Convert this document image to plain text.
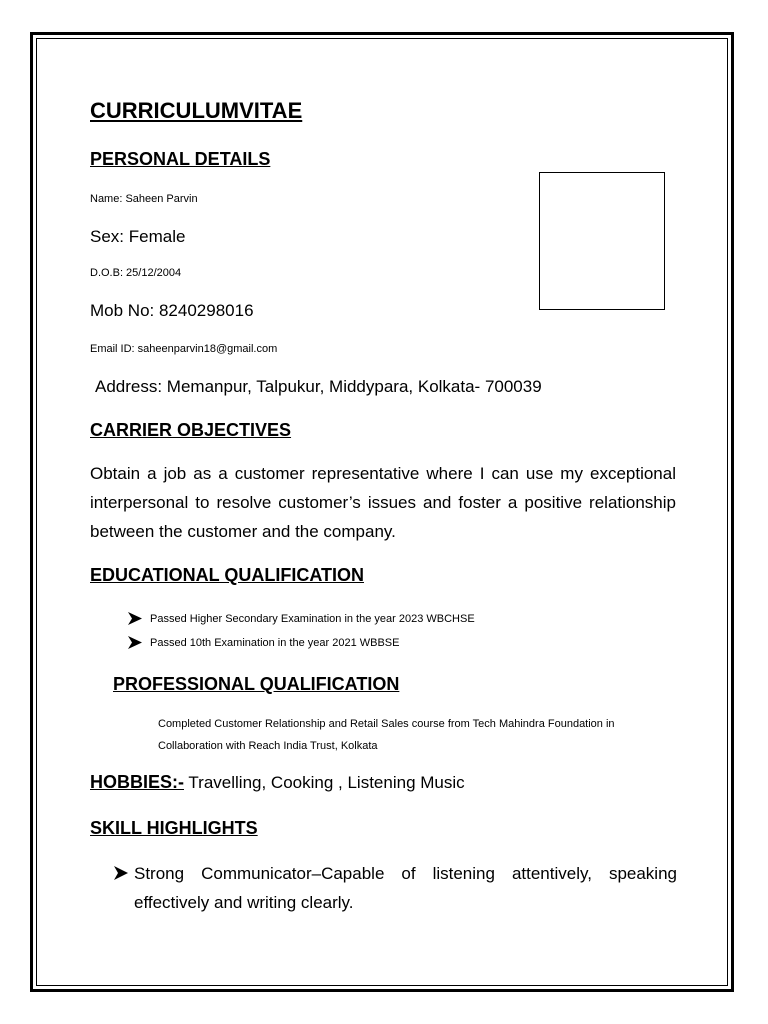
CURRICULUMVITAE
PERSONAL DETAILS
Name: Saheen Parvin
Sex: Female
D.O.B: 25/12/2004
Mob No: 8240298016
Email ID: saheenparvin18@gmail.com
Address: Memanpur, Talpukur, Middypara, Kolkata- 700039
CARRIER OBJECTIVES

Obtain a job as a customer representative where I can use my exceptional interpersonal to resolve customer’s issues and foster a positive relationship between the customer and the company.

EDUCATIONAL QUALIFICATION
Passed Higher Secondary Examination in the year 2023 WBCHSE
Passed 10th Examination in the year 2021 WBBSE
PROFESSIONAL QUALIFICATION

Completed Customer Relationship and Retail Sales course from Tech Mahindra Foundation in Collaboration with Reach India Trust, Kolkata

HOBBIES:- Travelling, Cooking , Listening Music
SKILL HIGHLIGHTS
Strong Communicator–Capable of listening attentively, speaking effectively and writing clearly.
